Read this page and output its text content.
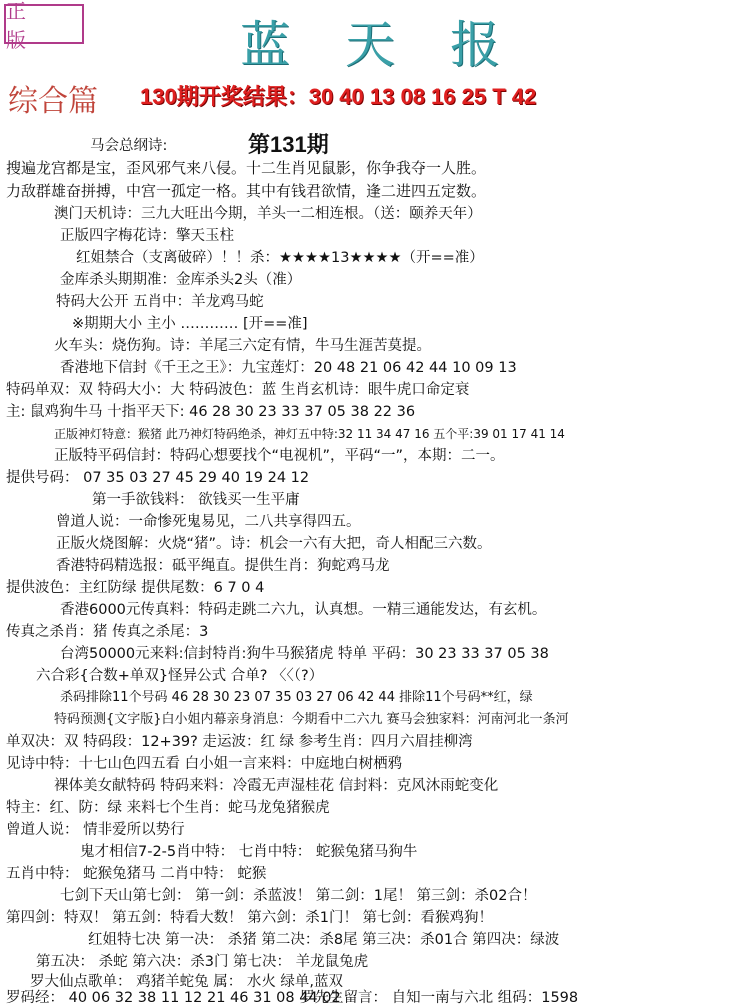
正 版	蓝 天 报
综合篇 130期开奖结果：30 40 13 08 16 25 T 42
第131期
马会总纲诗:
搜遍龙宫都是宝，歪风邪气来八侵。十二生肖见鼠影，你争我夺一人胜。
力敌群雄奋拼搏，中宫一孤定一格。其中有钱君欲情，逢二进四五定数。
澳门天机诗：三九大旺出今期，羊头一二相连根。（送：颐养天年）
正版四字梅花诗：擎天玉柱
红姐禁合（支离破碎）！！杀：★★★★13★★★★（开==准）
金库杀头期期准：金库杀头2头（准）
特码大公开 五肖中：羊龙鸡马蛇
※期期大小 主小 ………… [开==准]
火车头：烧伤狗。诗：羊尾三六定有情，牛马生涯苦莫提。
香港地下信封《千王之王》：九宝莲灯：20 48 21 06 42 44 10 09 13
特码单双：双 特码大小：大 特码波色：蓝 生肖玄机诗：眼牛虎口命定衰
主: 鼠鸡狗牛马 十指平天下: 46 28 30 23 33 37 05 38 22 36
正版神灯特意：猴猪 此乃神灯特码绝杀，神灯五中特:32 11 34 47 16 五个平:39 01 17 41 14
正版特平码信封：特码心想要找个“电视机”，平码“一”，本期：二一。
提供号码： 07 35 03 27 45 29 40 19 24 12
第一手欲钱料： 欲钱买一生平庸
曾道人说：一命惨死鬼易见，二八共享得四五。
正版火烧图解：火烧“猪”。诗：机会一六有大把，奇人相配三六数。
香港特码精选报：砥平绳直。提供生肖：狗蛇鸡马龙
提供波色：主红防绿 提供尾数：6 7 0 4
香港6000元传真料：特码走跳二六九，认真想。一精三通能发达，有玄机。
传真之杀肖：猪 传真之杀尾：3
台湾50000元来料:信封特肖:狗牛马猴猪虎 特单 平码：30 23 33 37 05 38
六合彩{合数+单双}怪异公式 合单? 〈〈（?）
杀码排除11个号码 46 28 30 23 07 35 03 27 06 42 44 排除11个号码**红，绿
特码预测{文字版}白小姐内幕亲身消息：今期看中二六九 赛马会独家料：河南河北一条河
单双决：双 特码段：12+39? 走运波：红 绿 参考生肖：四月六眉挂柳湾
见诗中特：十七山色四五看 白小姐一言来料：中庭地白树栖鸦
裸体美女献特码 特码来料：冷霞无声湿桂花 信封料：克风沐雨蛇变化
特主：红、防：绿 来料七个生肖：蛇马龙兔猪猴虎
曾道人说： 情非爱所以势行
鬼才相信7-2-5肖中特： 七肖中特： 蛇猴兔猪马狗牛
五肖中特： 蛇猴兔猪马 二肖中特： 蛇猴
七剑下天山第七剑： 第一剑：杀蓝波！ 第二剑：1尾！ 第三剑：杀02合！
第四剑：特双！ 第五剑：特看大数！ 第六剑：杀1门！ 第七剑：看猴鸡狗！
红姐特七决 第一决： 杀猪 第二决：杀8尾 第三决：杀01合 第四决：绿波
第五决： 杀蛇 第六决：杀3门 第七决： 羊龙鼠兔虎
罗大仙点歌单： 鸡猪羊蛇兔 属： 水火 绿单,蓝双
罗码经： 40 06 32 38 11 12 21 46 31 08 44 02
罗先生留言： 自知一南与六北 组码：1598
